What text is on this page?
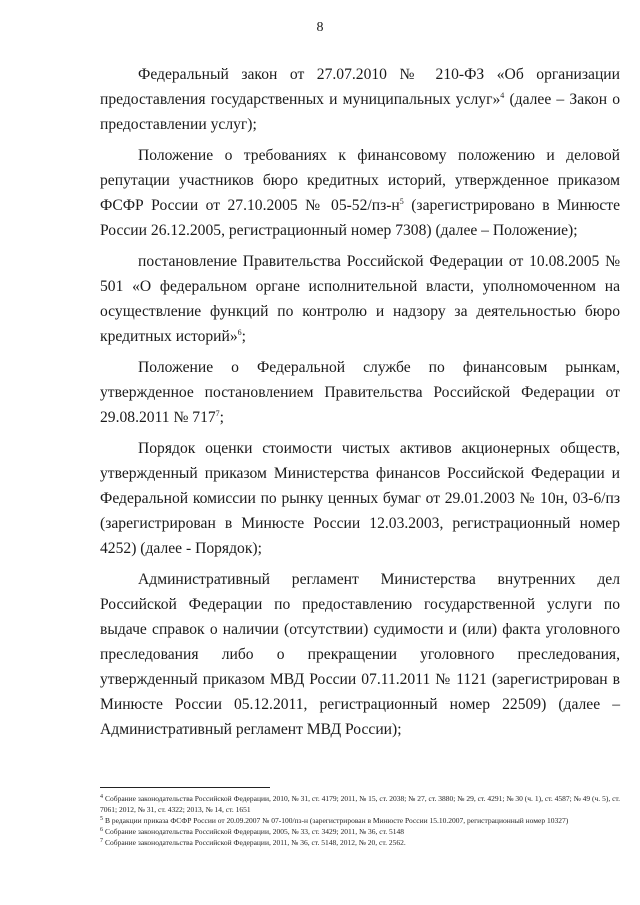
8

Федеральный закон от 27.07.2010 № 210-ФЗ «Об организации предоставления государственных и муниципальных услуг»$^4$ (далее – Закон о предоставлении услуг);

Положение о требованиях к финансовому положению и деловой репутации участников бюро кредитных историй, утвержденное приказом ФСФР России от 27.10.2005 № $05-52/пз-н^5$ (зарегистрировано в Минюсте России 26.12.2005, регистрационный номер 7308) (далее – Положение);

постановление Правительства Российской Федерации от 10.08.2005 № 501 «О федеральном органе исполнительной власти, уполномоченном на осуществление функций по контролю и надзору за деятельностью бюро кредитных историй»$^6$;

Положение о Федеральной службе по финансовым рынкам, утвержденное постановлением Правительства Российской Федерации от 29.08.2011 № $717^7$;

Порядок оценки стоимости чистых активов акционерных обществ, утвержденный приказом Министерства финансов Российской Федерации и Федеральной комиссии по рынку ценных бумаг от 29.01.2003 № 10н, 03-6/пз (зарегистрирован в Минюсте России 12.03.2003, регистрационный номер 4252) (далее - Порядок);

Административный регламент Министерства внутренних дел Российской Федерации по предоставлению государственной услуги по выдаче справок о наличии (отсутствии) судимости и (или) факта уголовного преследования либо о прекращении уголовного преследования, утвержденный приказом МВД России 07.11.2011 № 1121 (зарегистрирован в Минюсте России 05.12.2011, регистрационный номер 22509) (далее – Административный регламент МВД России);

$^4$ Собрание законодательства Российской Федерации, 2010, № 31, ст. 4179; 2011, № 15, ст. 2038; № 27, ст. 3880; № 29, ст. 4291; № 30 (ч. 1), ст. 4587; № 49 (ч. 5), ст. 7061; 2012, № 31, ст. 4322; 2013, № 14, ст. 1651

$^5$ В редакции приказа ФСФР России от 20.09.2007 № 07-100/пз-н (зарегистрирован в Минюсте России 15.10.2007, регистрационный номер 10327)

$^6$ Собрание законодательства Российской Федерации, 2005, № 33, ст. 3429; 2011, № 36, ст. 5148

$^7$ Собрание законодательства Российской Федерации, 2011, № 36, ст. 5148, 2012, № 20, ст. 2562.
